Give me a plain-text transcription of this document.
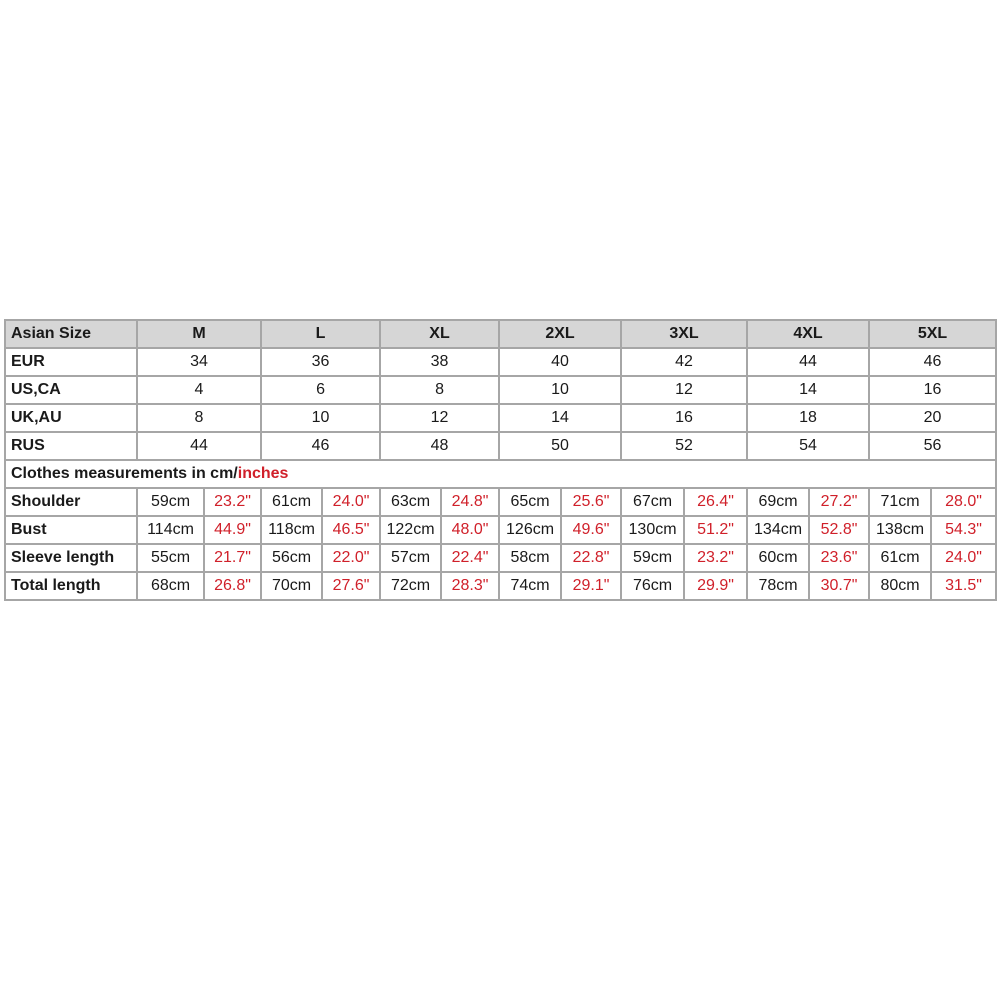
Asian Size	M		L		XL		2XL		3XL		4XL		5XL	
EUR	34		36		38		40		42		44		46	
US,CA	4		6		8		10		12		14		16	
UK,AU	8		10		12		14		16		18		20	
RUS	44		46		48		50		52		54		56	
Clothes measurements in cm/inches														
Shoulder	59cm	23.2"	61cm	24.0"	63cm	24.8"	65cm	25.6"	67cm	26.4"	69cm	27.2"	71cm	28.0"
Bust	114cm	44.9"	118cm	46.5"	122cm	48.0"	126cm	49.6"	130cm	51.2"	134cm	52.8"	138cm	54.3"
Sleeve length	55cm	21.7"	56cm	22.0"	57cm	22.4"	58cm	22.8"	59cm	23.2"	60cm	23.6"	61cm	24.0"
Total length	68cm	26.8"	70cm	27.6"	72cm	28.3"	74cm	29.1"	76cm	29.9"	78cm	30.7"	80cm	31.5"
